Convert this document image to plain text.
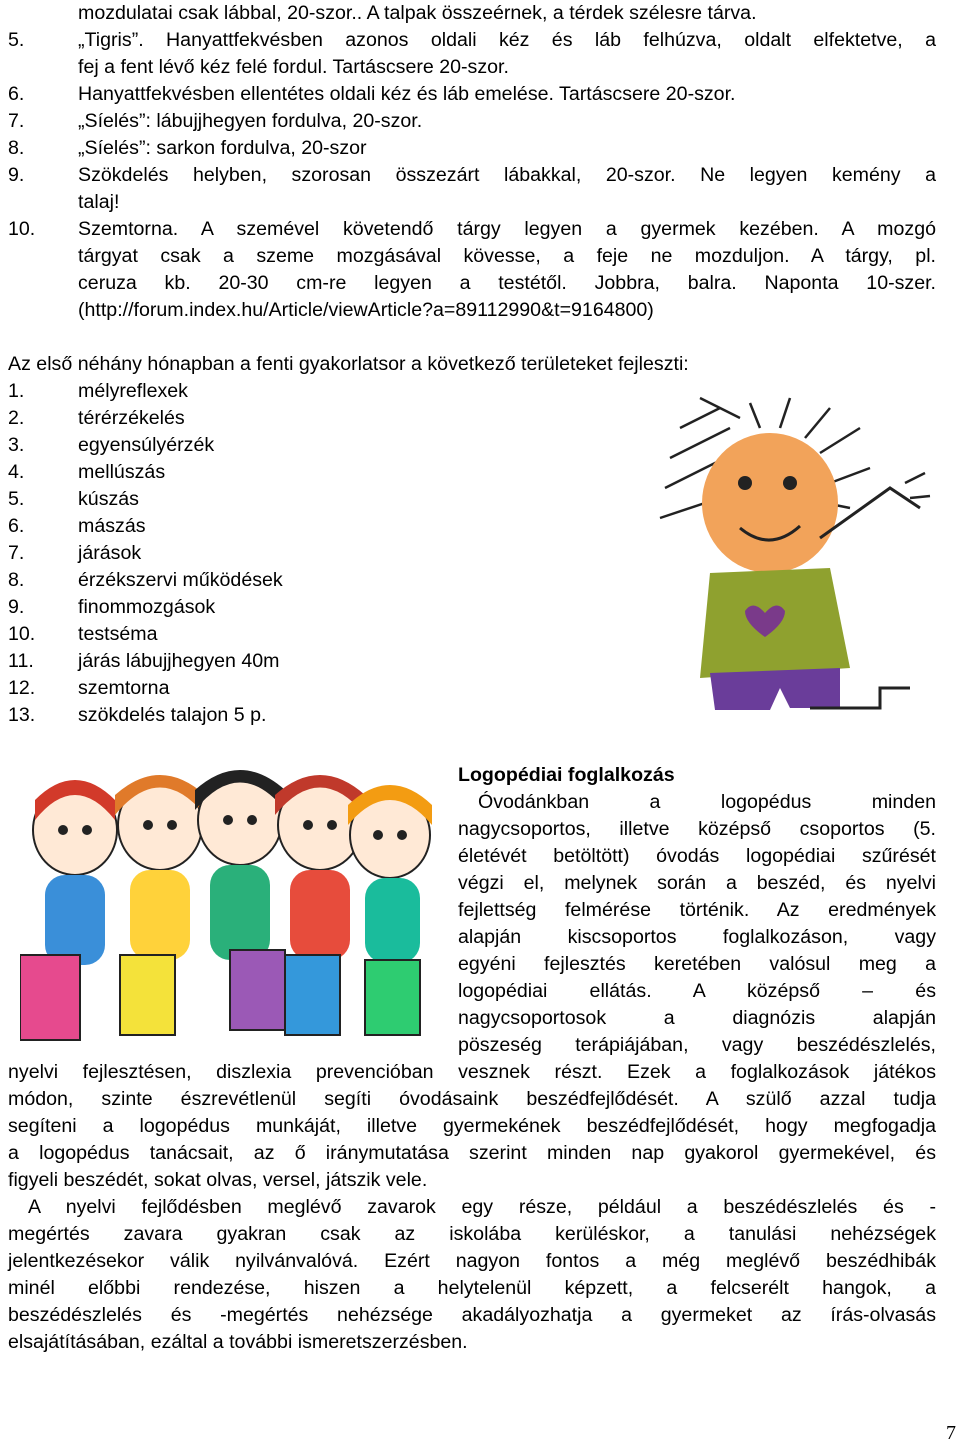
mozdulatai csak lábbal, 20-szor.. A talpak összeérnek, a térdek szélesre tárva.
5.	„Tigris”. Hanyattfekvésben azonos oldali kéz és láb felhúzva, oldalt elfektetve, a
fej a fent lévő kéz felé fordul. Tartáscsere 20-szor.
6.	Hanyattfekvésben ellentétes oldali kéz és láb emelése. Tartáscsere 20-szor.
7.	„Síelés”: lábujjhegyen fordulva, 20-szor.
8.	„Síelés”: sarkon fordulva, 20-szor
9.	Szökdelés helyben, szorosan összezárt lábakkal, 20-szor. Ne legyen kemény a
talaj!
10.	Szemtorna. A szemével követendő tárgy legyen a gyermek kezében. A mozgó
tárgyat csak a szeme mozgásával kövesse, a feje ne mozduljon. A tárgy, pl.
ceruza kb. 20-30 cm-re legyen a testétől. Jobbra, balra. Naponta 10-szer.
(http://forum.index.hu/Article/viewArticle?a=89112990&t=9164800)
Az első néhány hónapban a fenti gyakorlatsor a következő területeket fejleszti:
1.	mélyreflexek
2.	térérzékelés
3.	egyensúlyérzék
4.	mellúszás
5.	kúszás
6.	mászás
7.	járások
8.	érzékszervi működések
9.	finommozgások
10. testséma
11. járás lábujjhegyen 40m
12. szemtorna
13. szökdelés talajon 5 p.
Logopédiai foglalkozás
Óvodánkban a logopédus minden
nagycsoportos, illetve középső csoportos (5.
életévét betöltött) óvodás logopédiai szűrését
végzi el, melynek során a beszéd, és nyelvi
fejlettség felmérése történik. Az eredmények
alapján kiscsoportos foglalkozáson, vagy
egyéni fejlesztés keretében valósul meg a
logopédiai ellátás. A középső – és
nagycsoportosok a diagnózis alapján
pöszeség terápiájában, vagy beszédészlelés,
nyelvi fejlesztésen, diszlexia prevencióban vesznek részt. Ezek a foglalkozások játékos
módon, szinte észrevétlenül segíti óvodásaink beszédfejlődését. A szülő azzal tudja
segíteni a logopédus munkáját, illetve gyermekének beszédfejlődését, hogy megfogadja
a logopédus tanácsait, az ő iránymutatása szerint minden nap gyakorol gyermekével, és
figyeli beszédét, sokat olvas, versel, játszik vele.
A nyelvi fejlődésben meglévő zavarok egy része, például a beszédészlelés és -
megértés zavara gyakran csak az iskolába kerüléskor, a tanulási nehézségek
jelentkezésekor válik nyilvánvalóvá. Ezért nagyon fontos a még meglévő beszédhibák
minél előbbi rendezése, hiszen a helytelenül képzett, a felcserélt hangok, a
beszédészlelés és -megértés nehézsége akadályozhatja a gyermeket az írás-olvasás
elsajátításában, ezáltal a további ismeretszerzésben.
7
